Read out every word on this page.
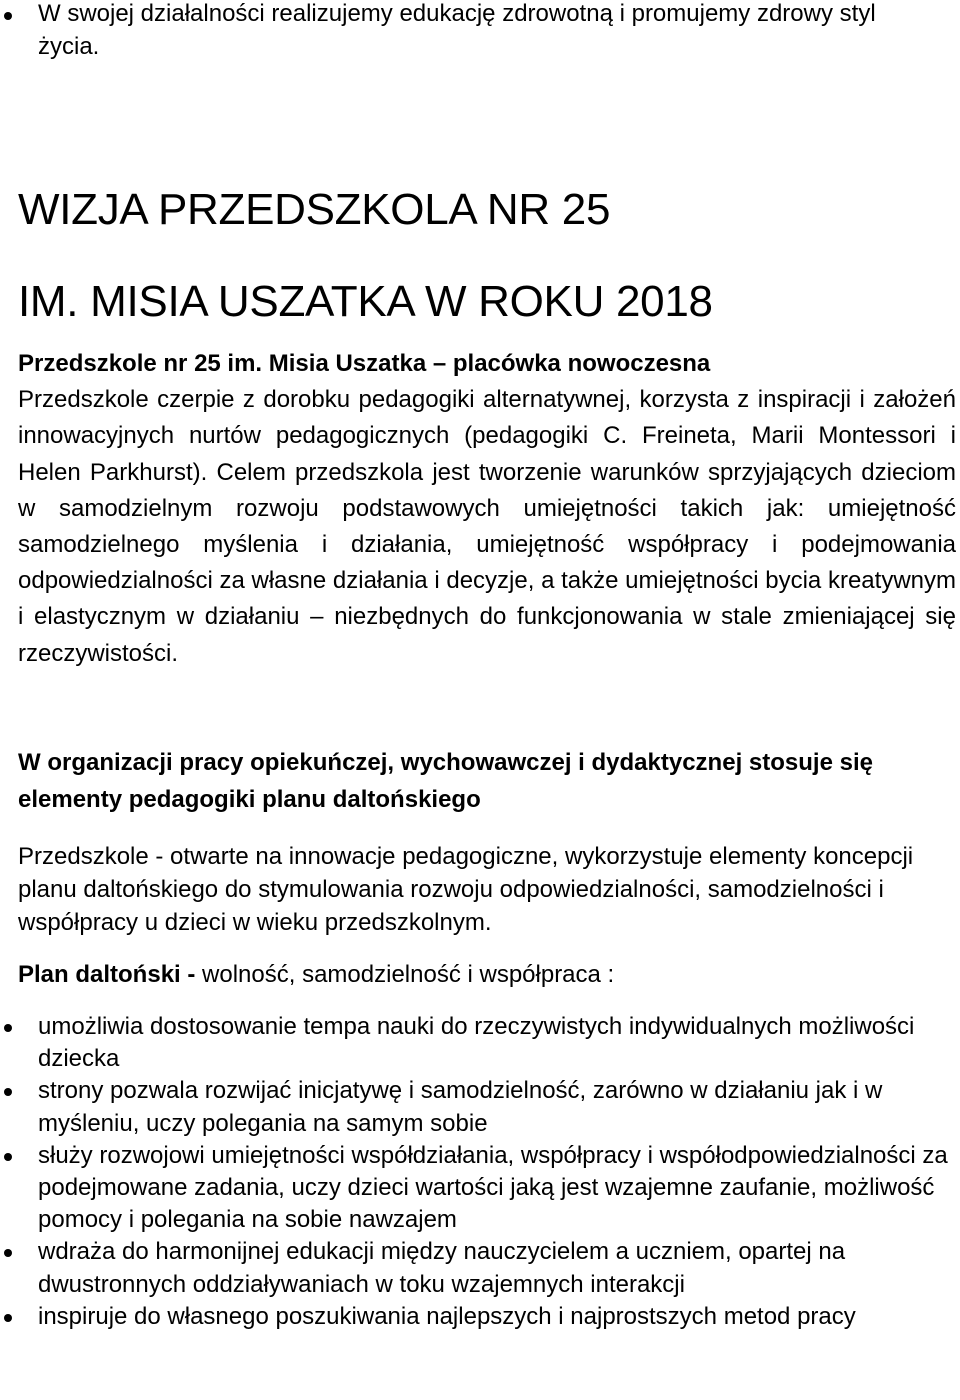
W swojej działalności realizujemy edukację zdrowotną i promujemy zdrowy styl życia.
WIZJA PRZEDSZKOLA NR 25
IM. MISIA USZATKA W ROKU 2018

Przedszkole nr 25 im. Misia Uszatka – placówka nowoczesna
Przedszkole czerpie z dorobku pedagogiki alternatywnej, korzysta z inspiracji i założeń innowacyjnych nurtów pedagogicznych (pedagogiki C. Freineta, Marii Montessori i Helen Parkhurst). Celem przedszkola jest tworzenie warunków sprzyjających dzieciom w samodzielnym rozwoju podstawowych umiejętności takich jak: umiejętność samodzielnego myślenia i działania, umiejętność współpracy i podejmowania odpowiedzialności za własne działania i decyzje, a także umiejętności bycia kreatywnym i elastycznym w działaniu – niezbędnych do funkcjonowania w stale zmieniającej się rzeczywistości.

W organizacji pracy opiekuńczej, wychowawczej i dydaktycznej stosuje się elementy pedagogiki planu daltońskiego

Przedszkole - otwarte na innowacje pedagogiczne, wykorzystuje elementy koncepcji planu daltońskiego do stymulowania rozwoju odpowiedzialności, samodzielności i współpracy u dzieci w wieku przedszkolnym.

Plan daltoński - wolność, samodzielność i współpraca :

umożliwia dostosowanie tempa nauki do rzeczywistych indywidualnych możliwości dziecka
strony pozwala rozwijać inicjatywę i samodzielność, zarówno w działaniu jak i w myśleniu, uczy polegania na samym sobie
służy rozwojowi umiejętności współdziałania, współpracy i współodpowiedzialności za podejmowane zadania, uczy dzieci wartości jaką jest wzajemne zaufanie, możliwość pomocy i polegania na sobie nawzajem
wdraża do harmonijnej edukacji między nauczycielem a uczniem, opartej na dwustronnych oddziaływaniach w toku wzajemnych interakcji
inspiruje do własnego poszukiwania najlepszych i najprostszych metod pracy
